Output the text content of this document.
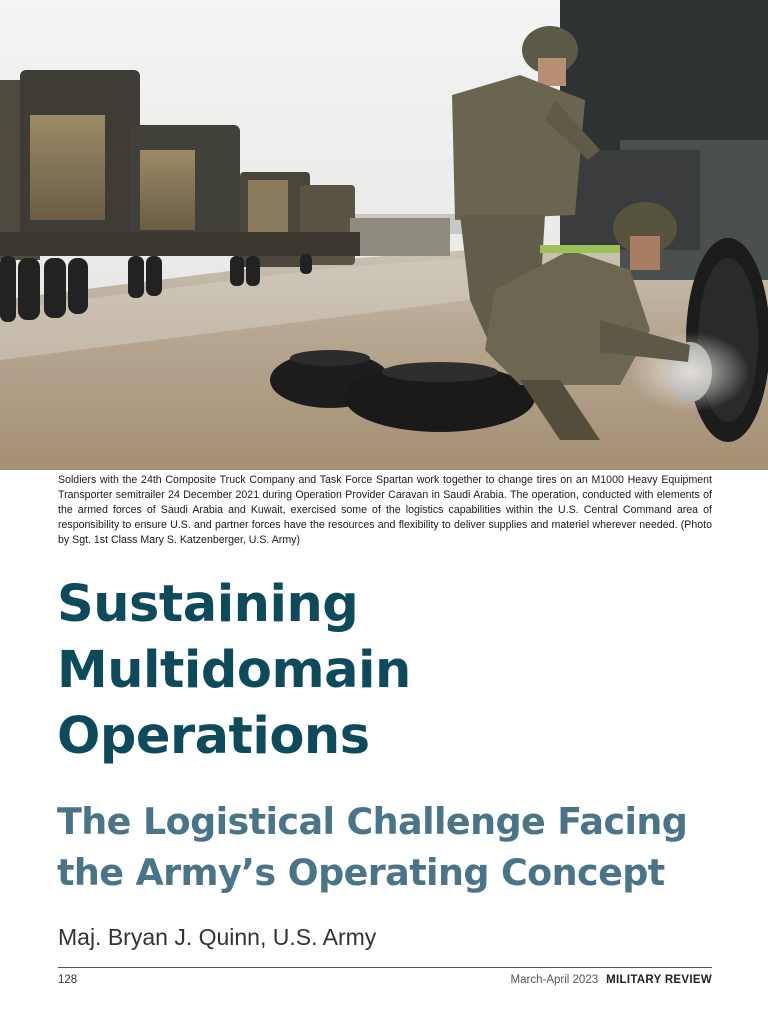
Soldiers with the 24th Composite Truck Company and Task Force Spartan work together to change tires on an M1000 Heavy Equipment Transporter semitrailer 24 December 2021 during Operation Provider Caravan in Saudi Arabia. The operation, conducted with elements of the armed forces of Saudi Arabia and Kuwait, exercised some of the logistics capabilities within the U.S. Central Command area of responsibility to ensure U.S. and partner forces have the resources and flexibility to deliver supplies and materiel wherever needed. (Photo by Sgt. 1st Class Mary S. Katzenberger, U.S. Army)
Sustaining
Multidomain
Operations
The Logistical Challenge Facing
the Army’s Operating Concept
Maj. Bryan J. Quinn, U.S. Army
128	March-April 2023 MILITARY REVIEW
